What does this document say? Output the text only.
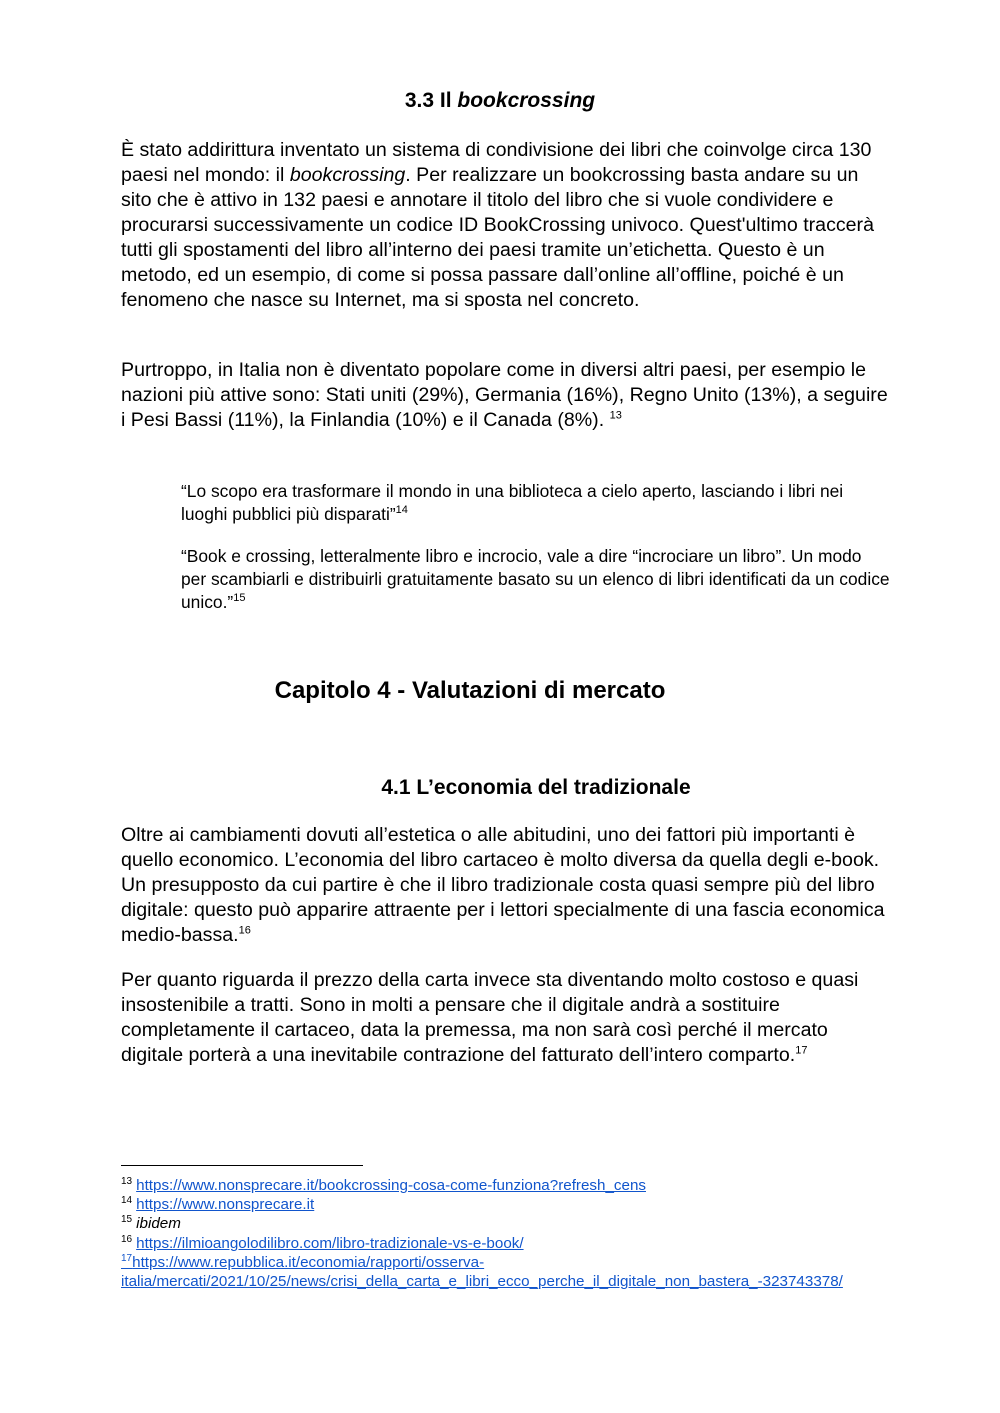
3.3 Il bookcrossing

È stato addirittura inventato un sistema di condivisione dei libri che coinvolge circa 130 paesi nel mondo: il bookcrossing. Per realizzare un bookcrossing basta andare su un sito che è attivo in 132 paesi e annotare il titolo del libro che si vuole condividere e procurarsi successivamente un codice ID BookCrossing univoco. Quest'ultimo traccerà tutti gli spostamenti del libro all’interno dei paesi tramite un’etichetta. Questo è un metodo, ed un esempio, di come si possa passare dall’online all’offline, poiché è un fenomeno che nasce su Internet, ma si sposta nel concreto.

Purtroppo, in Italia non è diventato popolare come in diversi altri paesi, per esempio le nazioni più attive sono: Stati uniti (29%), Germania (16%), Regno Unito (13%), a seguire i Pesi Bassi (11%), la Finlandia (10%) e il Canada (8%). $^{13}$

“Lo scopo era trasformare il mondo in una biblioteca a cielo aperto, lasciando i libri nei luoghi pubblici più disparati”$^{14}$

“Book e crossing, letteralmente libro e incrocio, vale a dire “incrociare un libro”. Un modo per scambiarli e distribuirli gratuitamente basato su un elenco di libri identificati da un codice unico.”$^{15}$

Capitolo 4 - Valutazioni di mercato
4.1 L’economia del tradizionale

Oltre ai cambiamenti dovuti all’estetica o alle abitudini, uno dei fattori più importanti è quello economico. L’economia del libro cartaceo è molto diversa da quella degli e-book. Un presupposto da cui partire è che il libro tradizionale costa quasi sempre più del libro digitale: questo può apparire attraente per i lettori specialmente di una fascia economica medio-bassa.$^{16}$

Per quanto riguarda il prezzo della carta invece sta diventando molto costoso e quasi insostenibile a tratti. Sono in molti a pensare che il digitale andrà a sostituire completamente il cartaceo, data la premessa, ma non sarà così perché il mercato digitale porterà a una inevitabile contrazione del fatturato dell’intero comparto.$^{17}$

$^{13}$ https://www.nonsprecare.it/bookcrossing-cosa-come-funziona?refresh_cens

$^{14}$ https://www.nonsprecare.it

$^{15}$ ibidem

$^{16}$ https://ilmioangolodilibro.com/libro-tradizionale-vs-e-book/

$^{17}$https://www.repubblica.it/economia/rapporti/osserva-italia/mercati/2021/10/25/news/crisi_della_carta_e_libri_ecco_perche_il_digitale_non_bastera_-323743378/
